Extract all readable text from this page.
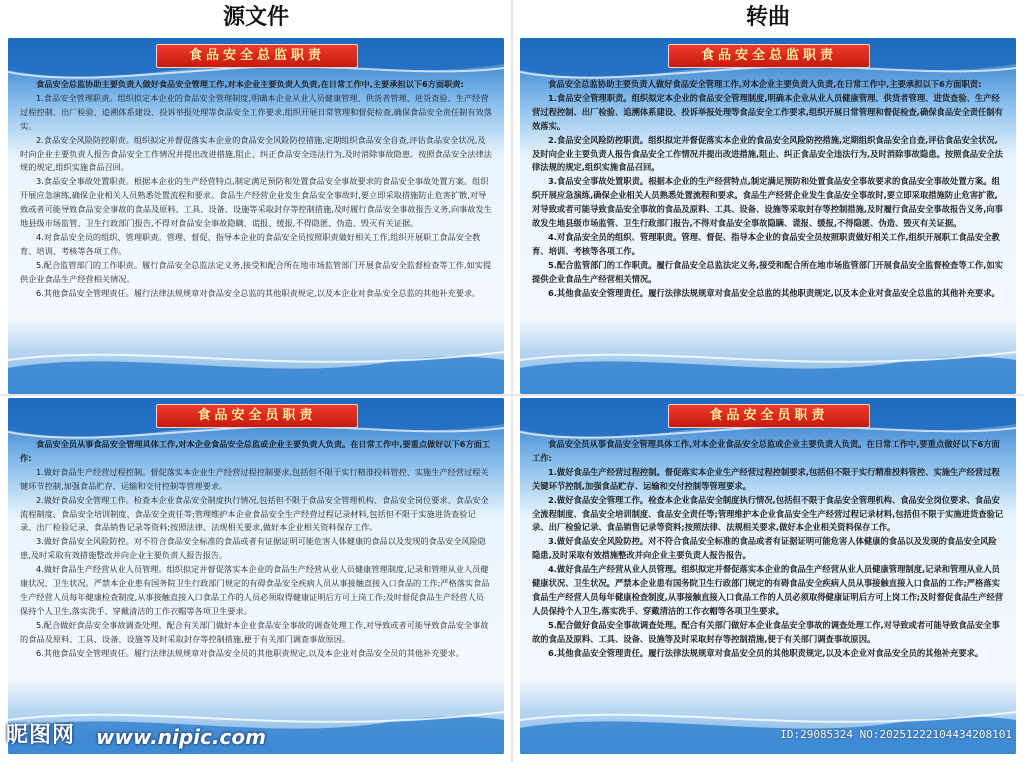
源文件	转曲
食品安全总监职责

食品安全总监协助主要负责人做好食品安全管理工作,对本企业主要负责人负责,在日常工作中,主要承担以下6方面职责:

1.食品安全管理职责。组织拟定本企业的食品安全管理制度,明确本企业从业人员健康管理、供货者管理、进货查验、生产经营过程控制、出厂检验、追溯体系建设、投诉举报处理等食品安全工作要求,组织开展日常管理和督促检查,确保食品安全责任制有效落实。

2.食品安全风险防控职责。组织拟定并督促落实本企业的食品安全风险防控措施,定期组织食品安全自查,评估食品安全状况,及时向企业主要负责人报告食品安全工作情况并提出改进措施,阻止、纠正食品安全违法行为,及时消除事故隐患。按照食品安全法律法规的规定,组织实施食品召回。

3.食品安全事故处置职责。根据本企业的生产经营特点,制定满足预防和处置食品安全事故要求的食品安全事故处置方案。组织开展应急演练,确保企业相关人员熟悉处置流程和要求。食品生产经营企业发生食品安全事故时,要立即采取措施防止危害扩散,对导致或者可能导致食品安全事故的食品及原料、工具、设备、设施等采取封存等控制措施,及时履行食品安全事故报告义务,向事故发生地县级市场监管、卫生行政部门报告,不得对食品安全事故隐瞒、谎报、缓报,不得隐匿、伪造、毁灭有关证据。

4.对食品安全员的组织、管理职责。管理、督促、指导本企业的食品安全员按照职责做好相关工作,组织开展职工食品安全教育、培训、考核等各项工作。

5.配合监管部门的工作职责。履行食品安全总监法定义务,接受和配合所在地市场监管部门开展食品安全监督检查等工作,如实提供企业食品生产经营相关情况。

6.其他食品安全管理责任。履行法律法规规章对食品安全总监的其他职责规定,以及本企业对食品安全总监的其他补充要求。

食品安全总监职责

食品安全总监协助主要负责人做好食品安全管理工作,对本企业主要负责人负责,在日常工作中,主要承担以下6方面职责:

1.食品安全管理职责。组织拟定本企业的食品安全管理制度,明确本企业从业人员健康管理、供货者管理、进货查验、生产经营过程控制、出厂检验、追溯体系建设、投诉举报处理等食品安全工作要求,组织开展日常管理和督促检查,确保食品安全责任制有效落实。

2.食品安全风险防控职责。组织拟定并督促落实本企业的食品安全风险防控措施,定期组织食品安全自查,评估食品安全状况,及时向企业主要负责人报告食品安全工作情况并提出改进措施,阻止、纠正食品安全违法行为,及时消除事故隐患。按照食品安全法律法规的规定,组织实施食品召回。

3.食品安全事故处置职责。根据本企业的生产经营特点,制定满足预防和处置食品安全事故要求的食品安全事故处置方案。组织开展应急演练,确保企业相关人员熟悉处置流程和要求。食品生产经营企业发生食品安全事故时,要立即采取措施防止危害扩散,对导致或者可能导致食品安全事故的食品及原料、工具、设备、设施等采取封存等控制措施,及时履行食品安全事故报告义务,向事故发生地县级市场监管、卫生行政部门报告,不得对食品安全事故隐瞒、谎报、缓报,不得隐匿、伪造、毁灭有关证据。

4.对食品安全员的组织、管理职责。管理、督促、指导本企业的食品安全员按照职责做好相关工作,组织开展职工食品安全教育、培训、考核等各项工作。

5.配合监管部门的工作职责。履行食品安全总监法定义务,接受和配合所在地市场监管部门开展食品安全监督检查等工作,如实提供企业食品生产经营相关情况。

6.其他食品安全管理责任。履行法律法规规章对食品安全总监的其他职责规定,以及本企业对食品安全总监的其他补充要求。

食品安全员职责

食品安全员从事食品安全管理具体工作,对本企业食品安全总监或企业主要负责人负责。在日常工作中,要重点做好以下6方面工作:

1.做好食品生产经营过程控制。督促落实本企业生产经营过程控制要求,包括但不限于实行精准投料管控、实施生产经营过程关键环节控制,加强食品贮存、运输和交付控制等管理要求。

2.做好食品安全管理工作。检查本企业食品安全制度执行情况,包括但不限于食品安全管理机构、食品安全岗位要求、食品安全流程制度、食品安全培训制度、食品安全责任等;管理维护本企业食品安全生产经营过程记录材料,包括但不限于实施进货查验记录、出厂检验记录、食品销售记录等资料;按照法律、法规相关要求,做好本企业相关资料保存工作。

3.做好食品安全风险防控。对不符合食品安全标准的食品或者有证据证明可能危害人体健康的食品以及发现的食品安全风险隐患,及时采取有效措施整改并向企业主要负责人报告报告。

4.做好食品生产经营从业人员管理。组织拟定并督促落实本企业的食品生产经营从业人员健康管理制度,记录和管理从业人员健康状况、卫生状况。严禁本企业患有国务院卫生行政部门规定的有碍食品安全疾病人员从事接触直接入口食品的工作;严格落实食品生产经营人员每年健康检查制度,从事接触直接入口食品工作的人员必须取得健康证明后方可上岗工作;及时督促食品生产经营人员保持个人卫生,落实洗手、穿戴清洁的工作衣帽等各项卫生要求。

5.配合做好食品安全事故调查处理。配合有关部门做好本企业食品安全事故的调查处理工作,对导致或者可能导致食品安全事故的食品及原料、工具、设备、设施等及时采取封存等控制措施,便于有关部门调查事故原因。

6.其他食品安全管理责任。履行法律法规规章对食品安全员的其他职责规定,以及本企业对食品安全员的其他补充要求。

食品安全员职责

食品安全员从事食品安全管理具体工作,对本企业食品安全总监或企业主要负责人负责。在日常工作中,要重点做好以下6方面工作:

1.做好食品生产经营过程控制。督促落实本企业生产经营过程控制要求,包括但不限于实行精准投料管控、实施生产经营过程关键环节控制,加强食品贮存、运输和交付控制等管理要求。

2.做好食品安全管理工作。检查本企业食品安全制度执行情况,包括但不限于食品安全管理机构、食品安全岗位要求、食品安全流程制度、食品安全培训制度、食品安全责任等;管理维护本企业食品安全生产经营过程记录材料,包括但不限于实施进货查验记录、出厂检验记录、食品销售记录等资料;按照法律、法规相关要求,做好本企业相关资料保存工作。

3.做好食品安全风险防控。对不符合食品安全标准的食品或者有证据证明可能危害人体健康的食品以及发现的食品安全风险隐患,及时采取有效措施整改并向企业主要负责人报告报告。

4.做好食品生产经营从业人员管理。组织拟定并督促落实本企业的食品生产经营从业人员健康管理制度,记录和管理从业人员健康状况、卫生状况。严禁本企业患有国务院卫生行政部门规定的有碍食品安全疾病人员从事接触直接入口食品的工作;严格落实食品生产经营人员每年健康检查制度,从事接触直接入口食品工作的人员必须取得健康证明后方可上岗工作;及时督促食品生产经营人员保持个人卫生,落实洗手、穿戴清洁的工作衣帽等各项卫生要求。

5.配合做好食品安全事故调查处理。配合有关部门做好本企业食品安全事故的调查处理工作,对导致或者可能导致食品安全事故的食品及原料、工具、设备、设施等及时采取封存等控制措施,便于有关部门调查事故原因。

6.其他食品安全管理责任。履行法律法规规章对食品安全员的其他职责规定,以及本企业对食品安全员的其他补充要求。

昵图网 www.nipic.com	ID:29085324 NO:20251222104434208101
